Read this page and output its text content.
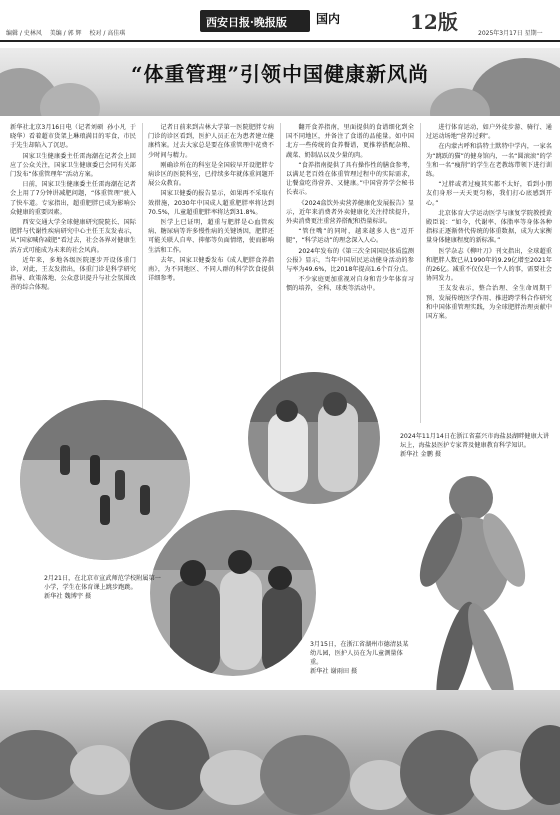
编辑 / 史林风 美编 / 郭 辉 校对 / 高佳琪
西安日报·晚报版	国内	12版	2025年3月17日 星期一
“体重管理”引领中国健康新风尚

新华社北京3月16日电（记者刘硕 孙小凡 于晓华）看着超市货架上琳琅满目的零食，市民于先生却陷入了沉思。

国家卫生健康委主任雷海潮在记者会上回应了公众关注，国家卫生健康委已会同有关部门发布“体重管理年”活动方案。

日前，国家卫生健康委主任雷海潮在记者会上用了7分钟讲减肥问题，“体重管理”驶入了快车道。专家指出，超重肥胖已成为影响公众健康的重要因素。

西安交通大学全球健康研究院院长、国际肥胖与代谢性疾病研究中心主任王友发表示，从“国家喊你减肥”看过去，社会各界对健康生活方式可能成为未来的社会风尚。

近年来，多地各级医院逐步开设体重门诊，对此，王友发指出，体重门诊是科学研究指导、政策落地、公众意识提升与社会氛围改善的综合体现。

记者日前来到吉林大学第一医院肥胖专病门诊的诊区看到，医护人员正在为患者建立健康档案。过去大家总是要在体重管理中花费不少时间与精力。

刚确诊所在的科室是全国较早开设肥胖专病诊区的医院科室，已持续多年就体重问题开展公众教育。

国家卫健委的报告显示，如果再不采取有效措施，2030年中国成人超重肥胖率将达到70.5%，儿童超重肥胖率将达到31.8%。

医学上已证明，超重与肥胖是心血管疾病、糖尿病等许多慢性病的关键诱因，肥胖还可能关联人自卑、抑郁等负面情绪，使而影响生活和工作。

去年，国家卫健委发布《成人肥胖食养指南》，为不同地区、不同人群的科学饮食提供详细参考。

翻开食养指南，里面提供的食谱细化到全国不同地区，并备注了食谱的品能量。如中国北方一些传统的食养餐谱，更推荐搭配杂粮、蔬菜、奶制品以及少量的肉。

“食养指南提供了具有操作性的膳食参考，以满足老百姓在体重管理过程中的实际需求，让餐盒吃得营养、又健康。”中国营养学会秘书长表示。

《2024盒饮外卖营养健康化发展报告》显示，近年来消费者外卖健康化关注持续提升，外卖消费更注重营养搭配和热量标识。

“管住嘴”的同时，越来越多人也“迈开腿”，“科学运动”的理念深入人心。

2024年发布的《第三次全国国民体质监测公报》显示，当年中国居民运动健身活动的参与率为49.6%，比2018年提高1.6个百分点。

不少家庭更加重视对自身和青少年体育习惯的培养，全科、球类等活动中。

进行体育运动，如户外徒步游、骑行、通过运动场地“营养过剩”。

在内蒙古呼和浩特土默特中学内，一家名为“跳跃的猫”的健身馆内，一名“圆滚滚”的学生和一名“瘦削”的学生在老教练带领下进行训练。

“过胖或者过瘦其实都不太好，看到小朋友们身形一天天更匀称，我们打心底感到开心。”

北京体育大学运动医学与康复学院教授黄殿臣说：“如今，代谢率、体脂率等身体各种指标正逐渐替代传统的体重数据，成为大家衡量身体健康程度的新标准。”

医学杂志《柳叶刀》刊文指出，全球超重和肥胖人数已从1990年的9.29亿增至2021年的26亿。减重不仅仅是一个人的事，需要社会协同发力。

王友发表示，整合治理、全生命周期干预、发展传统医学作用、推进跨学科合作研究和中国体重管理实践，为全球肥胖治理贡献中国方案。

2月21日，在北京市宣武师范学校附属第一小学，学生在体育课上跳步跑跳。
新华社 魏博宇 摄
3月15日，在浙江省湖州市德清县某幼儿园，医护人员在为儿童测量体重。
新华社 谢雨田 摄
2024年11月14日在浙江省嘉兴市海盐县湖畔健康大讲坛上，海盐县医护专家普及健康教育科学知识。
新华社 金鹏 摄
